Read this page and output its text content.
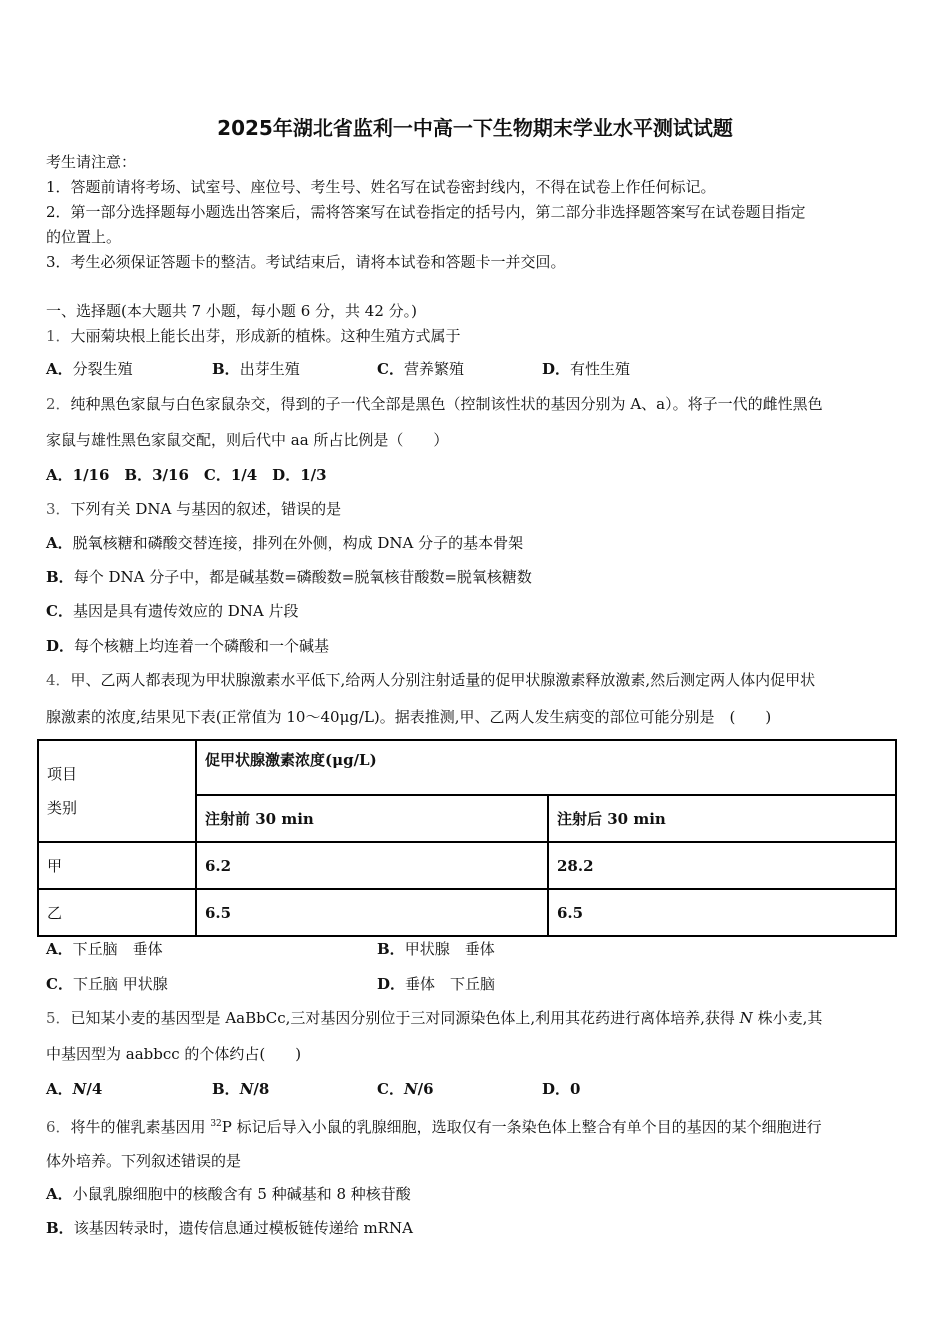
2025年湖北省监利一中高一下生物期末学业水平测试试题
考生请注意：
1．答题前请将考场、试室号、座位号、考生号、姓名写在试卷密封线内，不得在试卷上作任何标记。
2．第一部分选择题每小题选出答案后，需将答案写在试卷指定的括号内，第二部分非选择题答案写在试卷题目指定
的位置上。
3．考生必须保证答题卡的整洁。考试结束后，请将本试卷和答题卡一并交回。
一、选择题(本大题共 7 小题，每小题 6 分，共 42 分。)
1．大丽菊块根上能长出芽，形成新的植株。这种生殖方式属于
A．分裂生殖	B．出芽生殖	C．营养繁殖	D．有性生殖
2．纯种黑色家鼠与白色家鼠杂交，得到的子一代全部是黑色（控制该性状的基因分别为 A、a）。将子一代的雌性黑色
家鼠与雄性黑色家鼠交配，则后代中 aa 所占比例是（　　）
A．1/16　B．3/16　C．1/4　D．1/3
3．下列有关 DNA 与基因的叙述，错误的是
A．脱氧核糖和磷酸交替连接，排列在外侧，构成 DNA 分子的基本骨架
B．每个 DNA 分子中，都是碱基数=磷酸数=脱氧核苷酸数=脱氧核糖数
C．基因是具有遗传效应的 DNA 片段
D．每个核糖上均连着一个磷酸和一个碱基
4．甲、乙两人都表现为甲状腺激素水平低下,给两人分别注射适量的促甲状腺激素释放激素,然后测定两人体内促甲状
腺激素的浓度,结果见下表(正常值为 10～40μg/L)。据表推测,甲、乙两人发生病变的部位可能分别是　(　　)
项目
类别	促甲状腺激素浓度(μg/L)	
	注射前 30 min	注射后 30 min
甲	6.2	28.2
乙	6.5	6.5
A．下丘脑　垂体	B．甲状腺　垂体
C．下丘脑 甲状腺	D．垂体　下丘脑
5．已知某小麦的基因型是 AaBbCc,三对基因分别位于三对同源染色体上,利用其花药进行离体培养,获得 N 株小麦,其
中基因型为 aabbcc 的个体约占(　　)
A．N/4	B．N/8	C．N/6	D．0
6．将牛的催乳素基因用 $^{32}$P 标记后导入小鼠的乳腺细胞，选取仅有一条染色体上整合有单个目的基因的某个细胞进行
体外培养。下列叙述错误的是
A．小鼠乳腺细胞中的核酸含有 5 种碱基和 8 种核苷酸
B．该基因转录时，遗传信息通过模板链传递给 mRNA
